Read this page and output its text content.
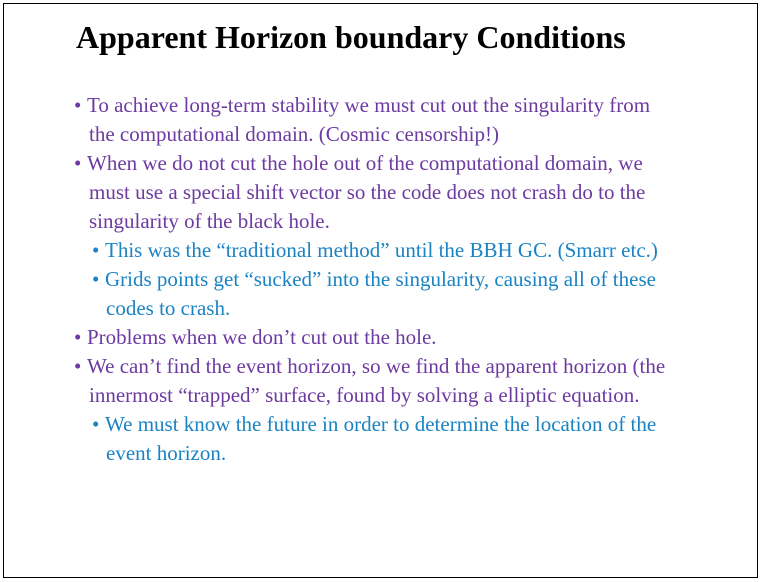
Apparent Horizon boundary Conditions
• To achieve long-term stability we must cut out the singularity from
the computational domain. (Cosmic censorship!)
• When we do not cut the hole out of the computational domain, we
must use a special shift vector so the code does not crash do to the
singularity of the black hole.
• This was the “traditional method” until the BBH GC. (Smarr etc.)
• Grids points get “sucked” into the singularity, causing all of these
codes to crash.
• Problems when we don’t cut out the hole.
• We can’t find the event horizon, so we find the apparent horizon (the
innermost “trapped” surface, found by solving a elliptic equation.
• We must know the future in order to determine the location of the
event horizon.
